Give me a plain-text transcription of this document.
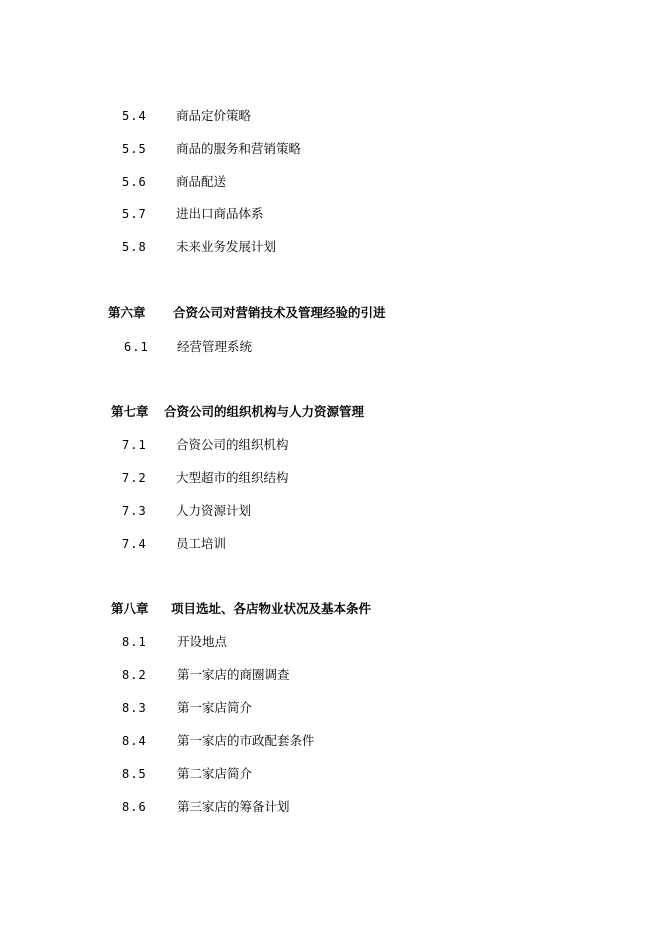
5.4 商品定价策略
5.5 商品的服务和营销策略
5.6 商品配送
5.7 进出口商品体系
5.8 未来业务发展计划
第六章 合资公司对营销技术及管理经验的引进
6.1 经营管理系统
第七章 合资公司的组织机构与人力资源管理
7.1 合资公司的组织机构
7.2 大型超市的组织结构
7.3 人力资源计划
7.4 员工培训
第八章 项目选址、各店物业状况及基本条件
8.1 开设地点
8.2 第一家店的商圈调查
8.3 第一家店简介
8.4 第一家店的市政配套条件
8.5 第二家店简介
8.6 第三家店的筹备计划
